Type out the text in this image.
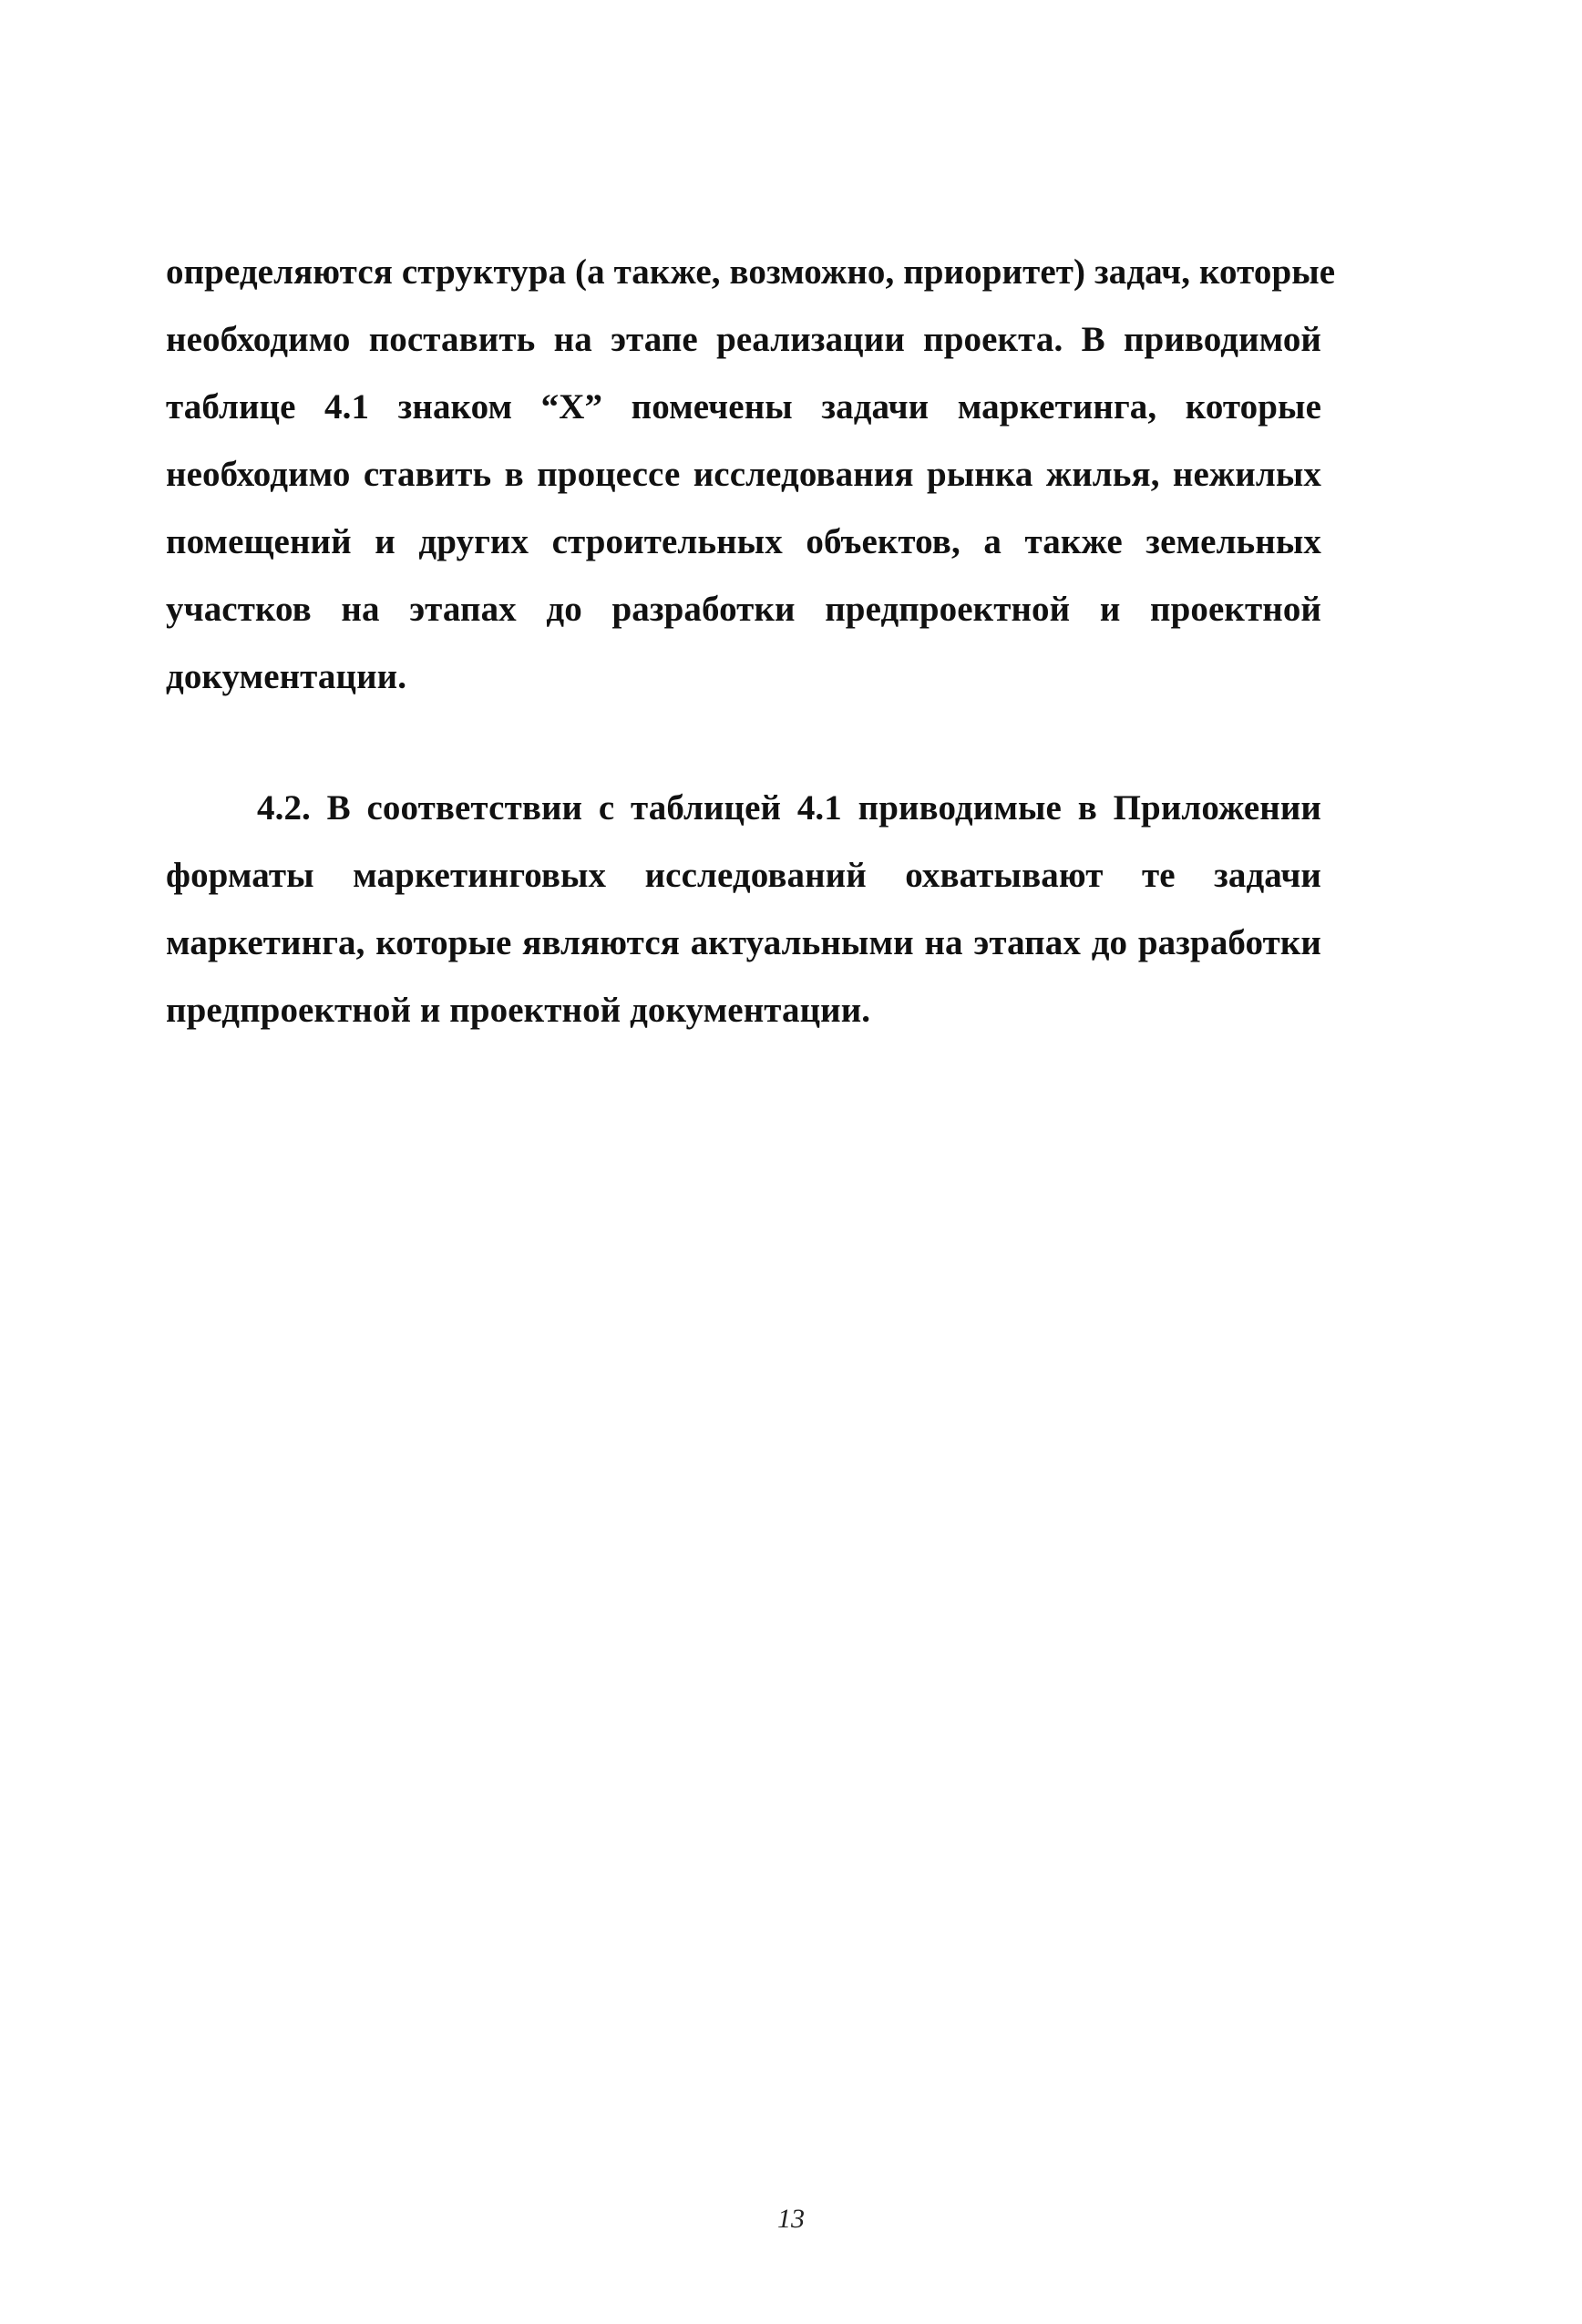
определяются структура (а также, возможно, приоритет) задач, которые
необходимо поставить на этапе реализации проекта. В приводимой
таблице 4.1 знаком “X” помечены задачи маркетинга, которые
необходимо ставить в процессе исследования рынка жилья, нежилых
помещений и других строительных объектов, а также земельных
участков на этапах до разработки предпроектной и проектной
документации.
4.2. В соответствии с таблицей 4.1 приводимые в Приложении
форматы маркетинговых исследований охватывают те задачи
маркетинга, которые являются актуальными на этапах до разработки
предпроектной и проектной документации.
13
